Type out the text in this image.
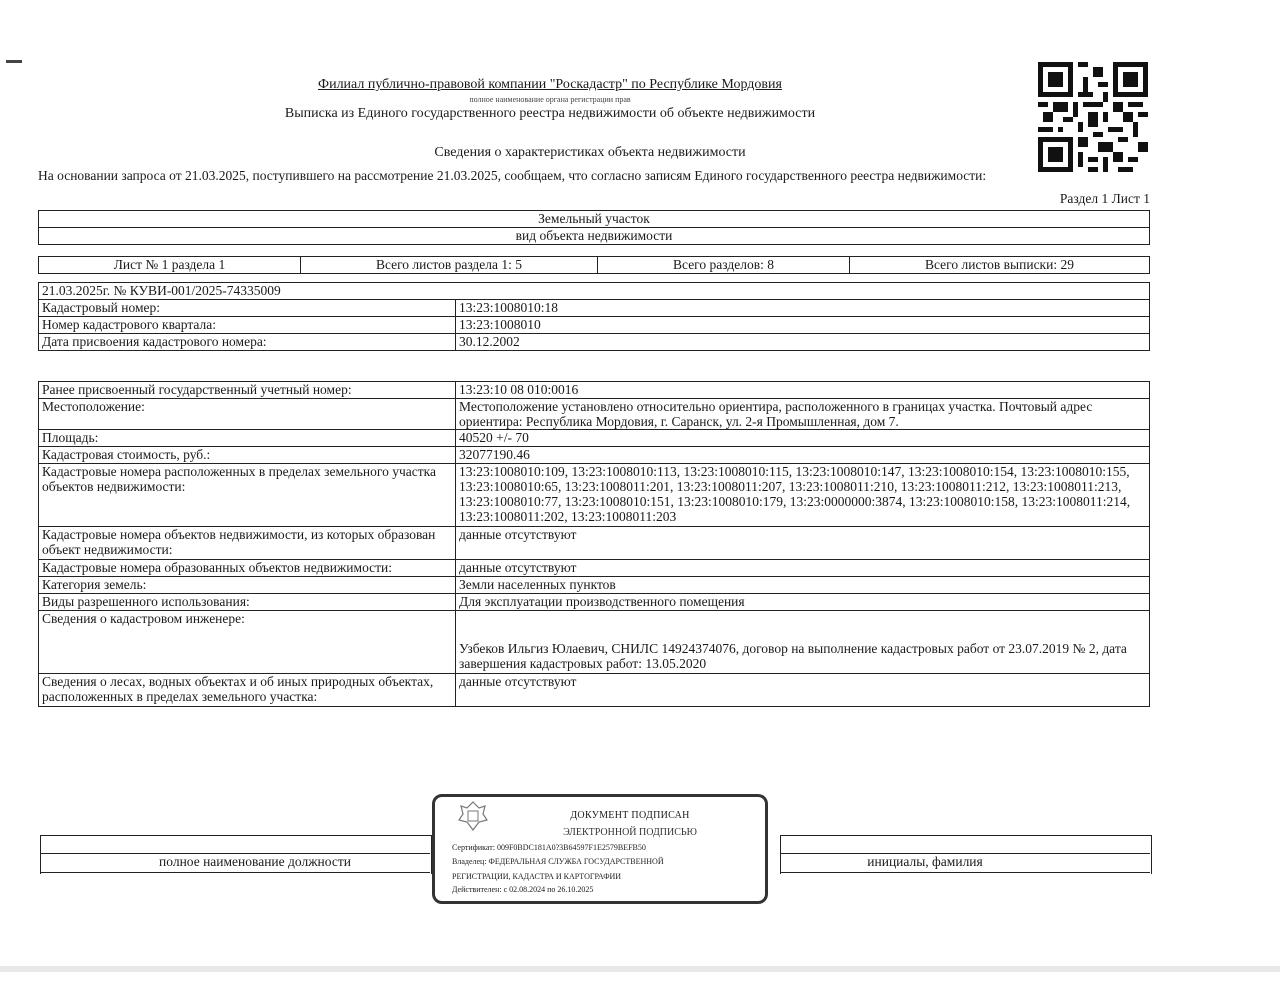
Филиал публично-правовой компании "Роскадастр" по Республике Мордовия
полное наименование органа регистрации прав
Выписка из Единого государственного реестра недвижимости об объекте недвижимости
Сведения о характеристиках объекта недвижимости
На основании запроса от 21.03.2025, поступившего на рассмотрение 21.03.2025, сообщаем, что согласно записям Единого государственного реестра недвижимости:
Раздел 1 Лист 1
Земельный участок
вид объекта недвижимости
Лист № 1 раздела 1	Всего листов раздела 1: 5	Всего разделов: 8	Всего листов выписки: 29
21.03.2025г. № КУВИ-001/2025-74335009	
Кадастровый номер:	13:23:1008010:18
Номер кадастрового квартала:	13:23:1008010
Дата присвоения кадастрового номера:	30.12.2002
Ранее присвоенный государственный учетный номер:	13:23:10 08 010:0016
Местоположение:	Местоположение установлено относительно ориентира, расположенного в границах участка. Почтовый адрес ориентира: Республика Мордовия, г. Саранск, ул. 2-я Промышленная, дом 7.
Площадь:	40520 +/- 70
Кадастровая стоимость, руб.:	32077190.46
Кадастровые номера расположенных в пределах земельного участка объектов недвижимости:	13:23:1008010:109, 13:23:1008010:113, 13:23:1008010:115, 13:23:1008010:147, 13:23:1008010:154, 13:23:1008010:155, 13:23:1008010:65, 13:23:1008011:201, 13:23:1008011:207, 13:23:1008011:210, 13:23:1008011:212, 13:23:1008011:213, 13:23:1008010:77, 13:23:1008010:151, 13:23:1008010:179, 13:23:0000000:3874, 13:23:1008010:158, 13:23:1008011:214, 13:23:1008011:202, 13:23:1008011:203
Кадастровые номера объектов недвижимости, из которых образован объект недвижимости:	данные отсутствуют
Кадастровые номера образованных объектов недвижимости:	данные отсутствуют
Категория земель:	Земли населенных пунктов
Виды разрешенного использования:	Для эксплуатации производственного помещения
Сведения о кадастровом инженере:	Узбеков Ильгиз Юлаевич, СНИЛС 14924374076, договор на выполнение кадастровых работ от 23.07.2019 № 2, дата завершения кадастровых работ: 13.05.2020
Сведения о лесах, водных объектах и об иных природных объектах, расположенных в пределах земельного участка:	данные отсутствуют
полное наименование должности	инициалы, фамилия
ДОКУМЕНТ ПОДПИСАН
ЭЛЕКТРОННОЙ ПОДПИСЬЮ
Сертификат: 009F0BDC181A0?3B64597F1E2579BEFB50
Владелец: ФЕДЕРАЛЬНАЯ СЛУЖБА ГОСУДАРСТВЕННОЙ
РЕГИСТРАЦИИ, КАДАСТРА И КАРТОГРАФИИ
Действителен: с 02.08.2024 по 26.10.2025
